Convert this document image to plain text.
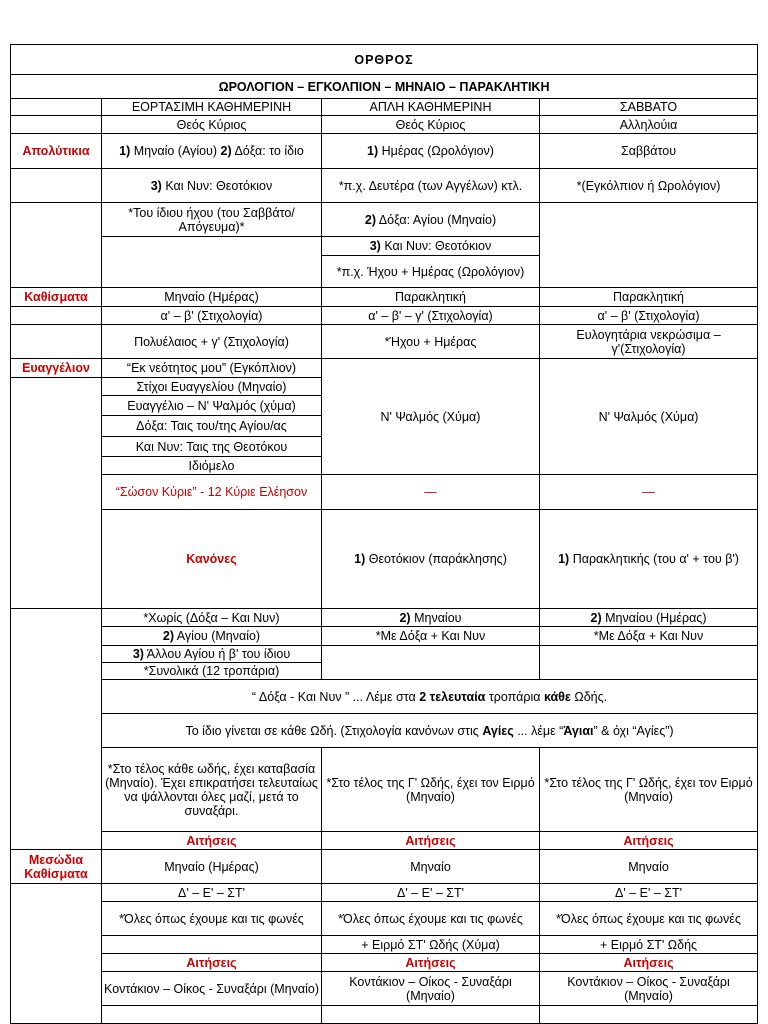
ΟΡΘΡΟΣ				
ΩΡΟΛΟΓΙΟΝ – ΕΓΚΟΛΠΙΟΝ – ΜΗΝΑΙΟ – ΠΑΡΑΚΛΗΤΙΚΗ				
	ΕΟΡΤΑΣΙΜΗ ΚΑΘΗΜΕΡΙΝΗ	ΑΠΛΗ ΚΑΘΗΜΕΡΙΝΗ	ΣΑΒΒΑΤΟ	
	Θεός Κύριος	Θεός Κύριος	Αλληλούια	
Απολύτικια	1) Μηναίο (Αγίου) 2) Δόξα: το ίδιο	1) Ημέρας (Ωρολόγιον)	Σαββάτου	
	3) Και Νυν: Θεοτόκιον	*π.χ. Δευτέρα (των Αγγέλων) κτλ.	*(Εγκόλπιον ή Ωρολόγιον)	
	*Του ίδιου ήχου (του Σαββάτο/Απόγευμα)*	2) Δόξα: Αγίου (Μηναίο)		
		3) Και Νυν: Θεοτόκιον		
		*π.χ. Ήχου + Ημέρας (Ωρολόγιον)		
Καθίσματα	Μηναίο (Ημέρας)	Παρακλητική	Παρακλητική	
	α' – β' (Στιχολογία)	α' – β' – γ' (Στιχολογία)	α' – β' (Στιχολογία)	
	Πολυέλαιος + γ' (Στιχολογία)	*Ήχου + Ημέρας	Ευλογητάρια νεκρώσιμα – γ'(Στιχολογία)	
Ευαγγέλιον	“Εκ νεότητος μου” (Εγκόπλιον)	Ν' Ψαλμός (Χύμα)	Ν' Ψαλμός (Χύμα)	
	Στίχοι Ευαγγελίου (Μηναίο)			
	Ευαγγέλιο – Ν' Ψαλμός (χύμα)			
	Δόξα: Ταις του/της Αγίου/ας			
	Και Νυν: Ταις της Θεοτόκου			
	Ιδιόμελο			
	“Σώσον Κύριε” - 12 Κύριε Ελέησον	—	—	
	Κανόνες	1) Θεοτόκιον (παράκλησης)	1) Παρακλητικής (του α' + του β')	
	*Χωρίς (Δόξα – Και Νυν)	2) Μηναίου	2) Μηναίου (Ημέρας)	
	2) Αγίου (Μηναίο)	*Με Δόξα + Και Νυν	*Με Δόξα + Και Νυν	
	3) Άλλου Αγίου ή β' του ίδιου			
	*Συνολικά (12 τροπάρια)			
	“ Δόξα - Και Νυν ” ... Λέμε στα 2 τελευταία τροπάρια κάθε Ωδής.			
	Το ίδιο γίνεται σε κάθε Ωδή. (Στιχολογία κανόνων στις Αγίες ... λέμε “Άγιαι” & όχι “Αγίες”)			
	*Στο τέλος κάθε ωδής, έχει καταβασία (Μηναίο). Έχει επικρατήσει τελευταίως να ψάλλονται όλες μαζί, μετά το συναξάρι.	*Στο τέλος της Γ' Ωδής, έχει τον Ειρμό (Μηναίο)	*Στο τέλος της Γ' Ωδής, έχει τον Ειρμό (Μηναίο)	
	Αιτήσεις	Αιτήσεις	Αιτήσεις	
Μεσώδια Καθίσματα	Μηναίο (Ημέρας)	Μηναίο	Μηναίο	
	Δ' – Ε' – ΣΤ'	Δ' – Ε' – ΣΤ'	Δ' – Ε' – ΣΤ'	
	*Όλες όπως έχουμε και τις φωνές	*Όλες όπως έχουμε και τις φωνές	*Όλες όπως έχουμε και τις φωνές	
		+ Ειρμό ΣΤ' Ωδής (Χύμα)	+ Ειρμό ΣΤ' Ωδής	
	Αιτήσεις	Αιτήσεις	Αιτήσεις	
	Κοντάκιον – Οίκος - Συναξάρι (Μηναίο)	Κοντάκιον – Οίκος - Συναξάρι (Μηναίο)	Κοντάκιον – Οίκος - Συναξάρι (Μηναίο)	
